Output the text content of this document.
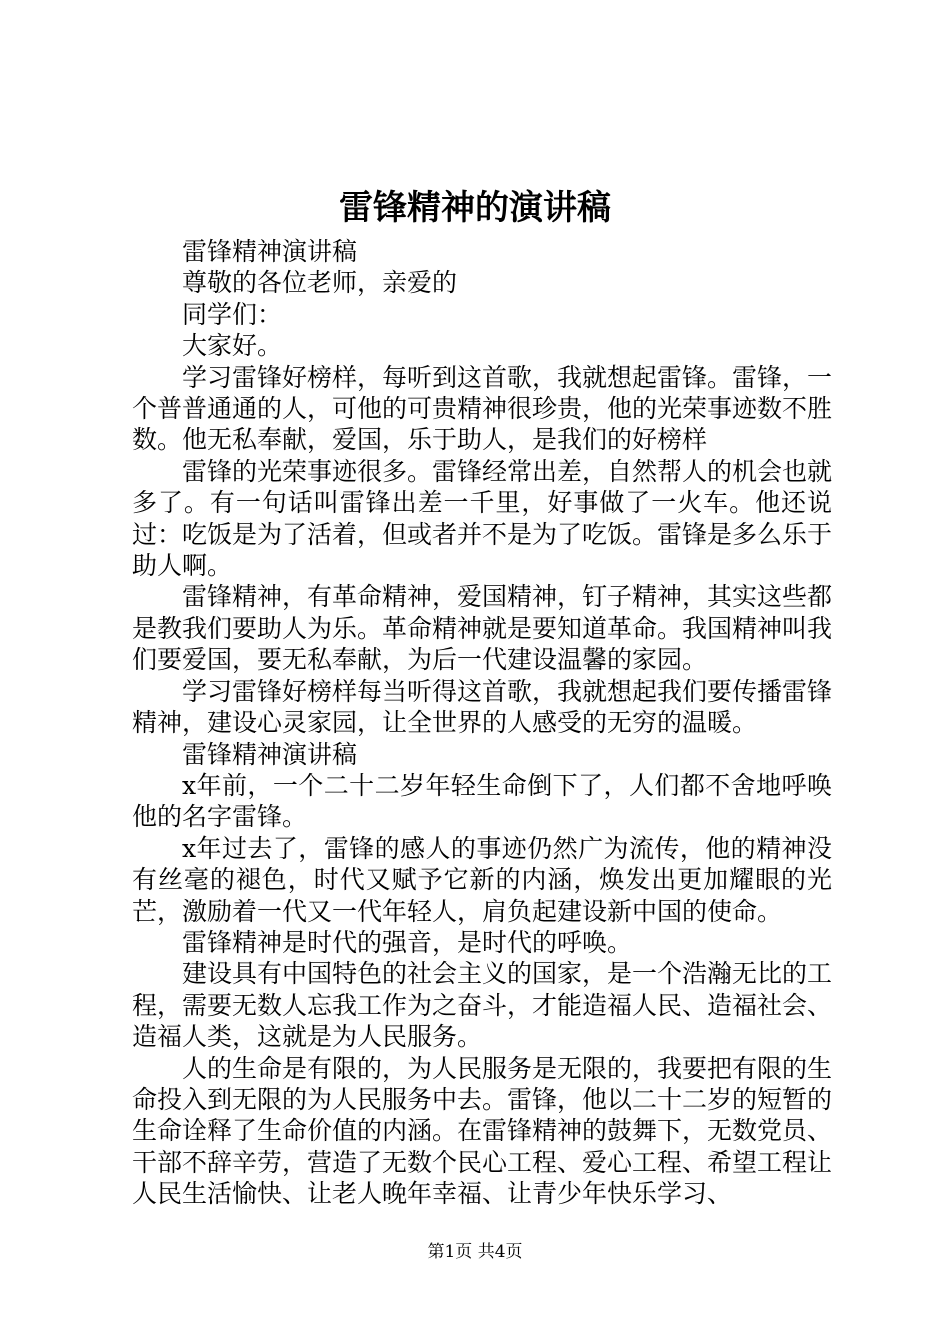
雷锋精神的演讲稿

雷锋精神演讲稿

尊敬的各位老师，亲爱的

同学们：

大家好。

学习雷锋好榜样，每听到这首歌，我就想起雷锋。雷锋，一个普普通通的人，可他的可贵精神很珍贵，他的光荣事迹数不胜数。他无私奉献，爱国，乐于助人，是我们的好榜样

雷锋的光荣事迹很多。雷锋经常出差，自然帮人的机会也就多了。有一句话叫雷锋出差一千里，好事做了一火车。他还说过：吃饭是为了活着，但或者并不是为了吃饭。雷锋是多么乐于助人啊。

雷锋精神，有革命精神，爱国精神，钉子精神，其实这些都是教我们要助人为乐。革命精神就是要知道革命。我国精神叫我们要爱国，要无私奉献，为后一代建设温馨的家园。

学习雷锋好榜样每当听得这首歌，我就想起我们要传播雷锋精神，建设心灵家园，让全世界的人感受的无穷的温暖。

雷锋精神演讲稿

x年前，一个二十二岁年轻生命倒下了，人们都不舍地呼唤他的名字雷锋。

x年过去了，雷锋的感人的事迹仍然广为流传，他的精神没有丝毫的褪色，时代又赋予它新的内涵，焕发出更加耀眼的光芒，激励着一代又一代年轻人，肩负起建设新中国的使命。

雷锋精神是时代的强音，是时代的呼唤。

建设具有中国特色的社会主义的国家，是一个浩瀚无比的工程，需要无数人忘我工作为之奋斗，才能造福人民、造福社会、造福人类，这就是为人民服务。

人的生命是有限的，为人民服务是无限的，我要把有限的生命投入到无限的为人民服务中去。雷锋，他以二十二岁的短暂的生命诠释了生命价值的内涵。在雷锋精神的鼓舞下，无数党员、干部不辞辛劳，营造了无数个民心工程、爱心工程、希望工程让人民生活愉快、让老人晚年幸福、让青少年快乐学习、

第1页 共4页
